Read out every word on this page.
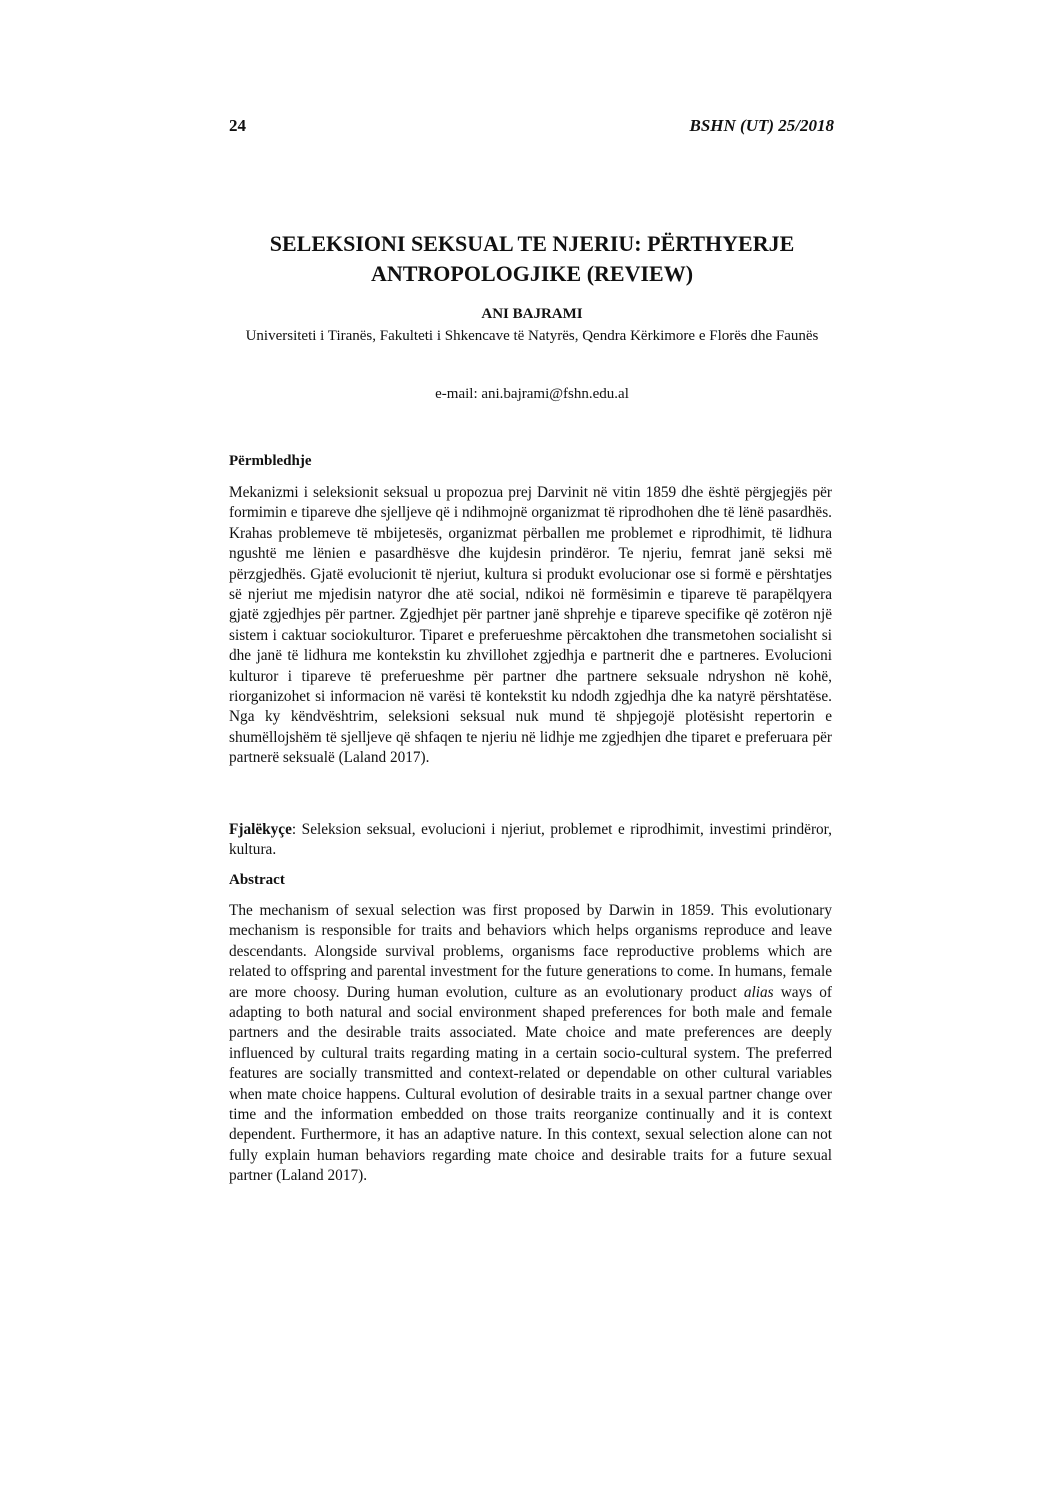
24	BSHN (UT) 25/2018
SELEKSIONI SEKSUAL TE NJERIU: PËRTHYERJE ANTROPOLOGJIKE (REVIEW)
ANI BAJRAMI
Universiteti i Tiranës, Fakulteti i Shkencave të Natyrës, Qendra Kërkimore e Florës dhe Faunës
e-mail: ani.bajrami@fshn.edu.al
Përmbledhje

Mekanizmi i seleksionit seksual u propozua prej Darvinit në vitin 1859 dhe është përgjegjës për formimin e tipareve dhe sjelljeve që i ndihmojnë organizmat të riprodhohen dhe të lënë pasardhës. Krahas problemeve të mbijetesës, organizmat përballen me problemet e riprodhimit, të lidhura ngushtë me lënien e pasardhësve dhe kujdesin prindëror. Te njeriu, femrat janë seksi më përzgjedhës. Gjatë evolucionit të njeriut, kultura si produkt evolucionar ose si formë e përshtatjes së njeriut me mjedisin natyror dhe atë social, ndikoi në formësimin e tipareve të parapëlqyera gjatë zgjedhjes për partner. Zgjedhjet për partner janë shprehje e tipareve specifike që zotëron një sistem i caktuar sociokulturor. Tiparet e preferueshme përcaktohen dhe transmetohen socialisht si dhe janë të lidhura me kontekstin ku zhvillohet zgjedhja e partnerit dhe e partneres. Evolucioni kulturor i tipareve të preferueshme për partner dhe partnere seksuale ndryshon në kohë, riorganizohet si informacion në varësi të kontekstit ku ndodh zgjedhja dhe ka natyrë përshtatëse. Nga ky këndvështrim, seleksioni seksual nuk mund të shpjegojë plotësisht repertorin e shumëllojshëm të sjelljeve që shfaqen te njeriu në lidhje me zgjedhjen dhe tiparet e preferuara për partnerë seksualë (Laland 2017).

Fjalëkyçe: Seleksion seksual, evolucioni i njeriut, problemet e riprodhimit, investimi prindëror, kultura.

Abstract

The mechanism of sexual selection was first proposed by Darwin in 1859. This evolutionary mechanism is responsible for traits and behaviors which helps organisms reproduce and leave descendants. Alongside survival problems, organisms face reproductive problems which are related to offspring and parental investment for the future generations to come. In humans, female are more choosy. During human evolution, culture as an evolutionary product alias ways of adapting to both natural and social environment shaped preferences for both male and female partners and the desirable traits associated. Mate choice and mate preferences are deeply influenced by cultural traits regarding mating in a certain socio-cultural system. The preferred features are socially transmitted and context-related or dependable on other cultural variables when mate choice happens. Cultural evolution of desirable traits in a sexual partner change over time and the information embedded on those traits reorganize continually and it is context dependent. Furthermore, it has an adaptive nature. In this context, sexual selection alone can not fully explain human behaviors regarding mate choice and desirable traits for a future sexual partner (Laland 2017).
